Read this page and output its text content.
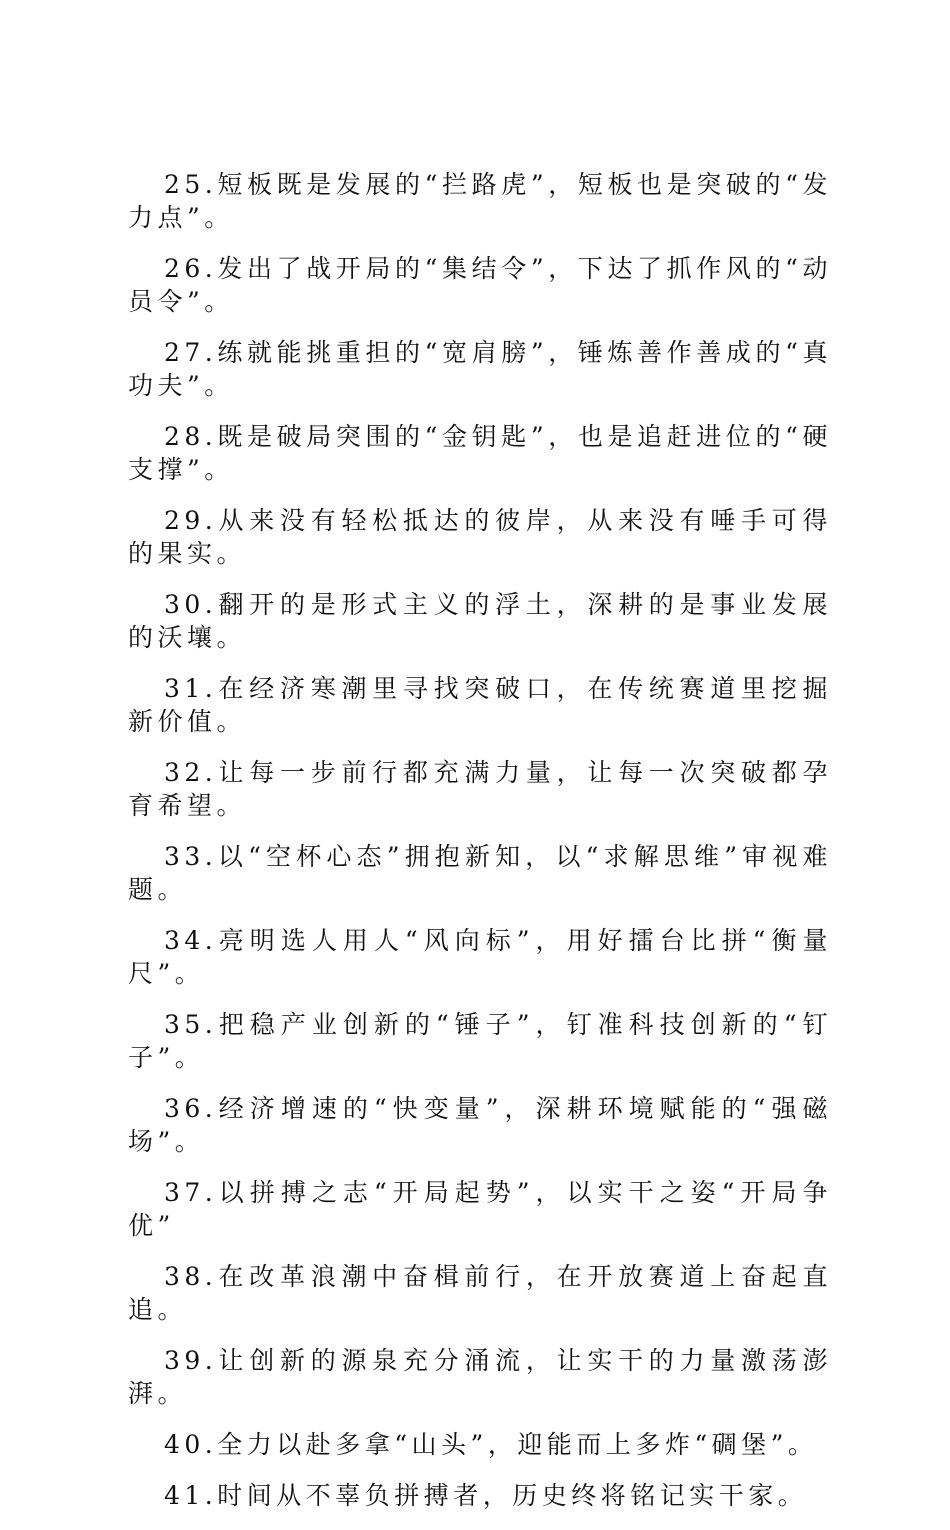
25.短板既是发展的“拦路虎”，短板也是突破的“发力点”。

26.发出了战开局的“集结令”，下达了抓作风的“动员令”。

27.练就能挑重担的“宽肩膀”，锤炼善作善成的“真功夫”。

28.既是破局突围的“金钥匙”，也是追赶进位的“硬支撑”。

29.从来没有轻松抵达的彼岸，从来没有唾手可得的果实。

30.翻开的是形式主义的浮土，深耕的是事业发展的沃壤。

31.在经济寒潮里寻找突破口，在传统赛道里挖掘新价值。

32.让每一步前行都充满力量，让每一次突破都孕育希望。

33.以“空杯心态”拥抱新知，以“求解思维”审视难题。

34.亮明选人用人“风向标”，用好擂台比拼“衡量尺”。

35.把稳产业创新的“锤子”，钉准科技创新的“钉子”。

36.经济增速的“快变量”，深耕环境赋能的“强磁场”。

37.以拼搏之志“开局起势”，以实干之姿“开局争优”

38.在改革浪潮中奋楫前行，在开放赛道上奋起直追。

39.让创新的源泉充分涌流，让实干的力量激荡澎湃。

40.全力以赴多拿“山头”，迎能而上多炸“碉堡”。

41.时间从不辜负拼搏者，历史终将铭记实干家。
